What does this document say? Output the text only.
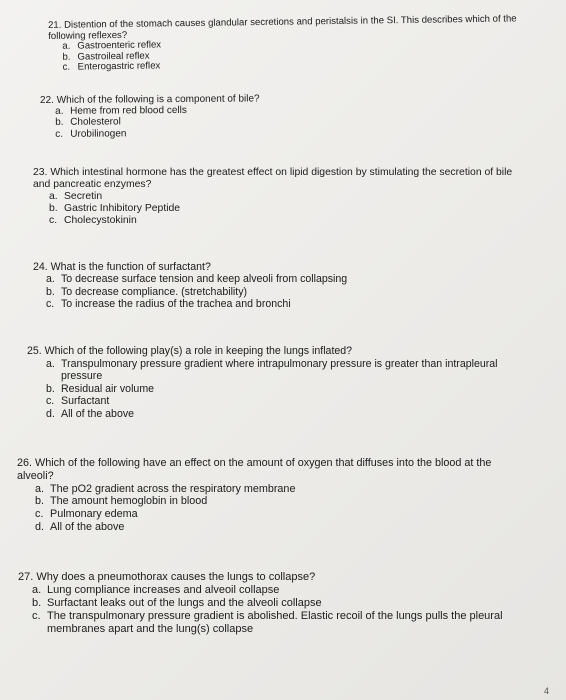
21. Distention of the stomach causes glandular secretions and peristalsis in the SI. This describes which of the following reflexes?

a. Gastroenteric reflex
b. Gastroileal reflex
c. Enterogastric reflex

22. Which of the following is a component of bile?

a. Heme from red blood cells
b. Cholesterol
c. Urobilinogen

23. Which intestinal hormone has the greatest effect on lipid digestion by stimulating the secretion of bile and pancreatic enzymes?

a. Secretin
b. Gastric Inhibitory Peptide
c. Cholecystokinin

24. What is the function of surfactant?

a. To decrease surface tension and keep alveoli from collapsing
b. To decrease compliance. (stretchability)
c. To increase the radius of the trachea and bronchi

25. Which of the following play(s) a role in keeping the lungs inflated?

a. Transpulmonary pressure gradient where intrapulmonary pressure is greater than intrapleural pressure
b. Residual air volume
c. Surfactant
d. All of the above

26. Which of the following have an effect on the amount of oxygen that diffuses into the blood at the alveoli?

a. The pO2 gradient across the respiratory membrane
b. The amount hemoglobin in blood
c. Pulmonary edema
d. All of the above

27. Why does a pneumothorax causes the lungs to collapse?

a. Lung compliance increases and alveoil collapse
b. Surfactant leaks out of the lungs and the alveoli collapse
c. The transpulmonary pressure gradient is abolished. Elastic recoil of the lungs pulls the pleural membranes apart and the lung(s) collapse
4
